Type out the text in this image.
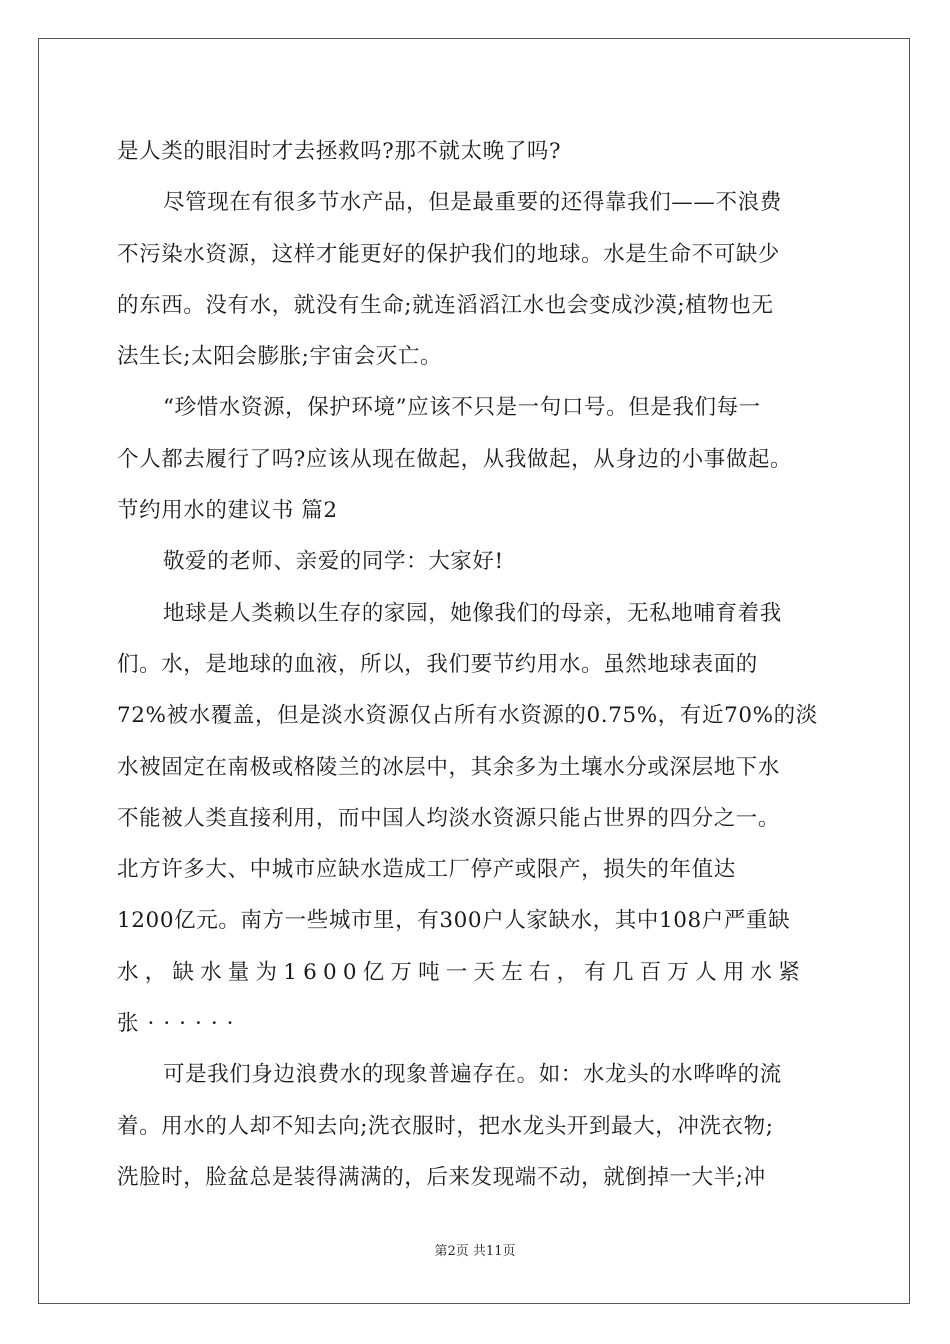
是人类的眼泪时才去拯救吗?那不就太晚了吗?
尽管现在有很多节水产品，但是最重要的还得靠我们——不浪费
不污染水资源，这样才能更好的保护我们的地球。水是生命不可缺少
的东西。没有水，就没有生命;就连滔滔江水也会变成沙漠;植物也无
法生长;太阳会膨胀;宇宙会灭亡。
“珍惜水资源，保护环境”应该不只是一句口号。但是我们每一
个人都去履行了吗?应该从现在做起，从我做起，从身边的小事做起。
节约用水的建议书 篇2
敬爱的老师、亲爱的同学：大家好!
地球是人类赖以生存的家园，她像我们的母亲，无私地哺育着我
们。水，是地球的血液，所以，我们要节约用水。虽然地球表面的
72%被水覆盖，但是淡水资源仅占所有水资源的0.75%，有近70%的淡
水被固定在南极或格陵兰的冰层中，其余多为土壤水分或深层地下水
不能被人类直接利用，而中国人均淡水资源只能占世界的四分之一。
北方许多大、中城市应缺水造成工厂停产或限产，损失的年值达
1200亿元。南方一些城市里，有300户人家缺水，其中108户严重缺
水，缺水量为1600亿万吨一天左右，有几百万人用水紧
张······
可是我们身边浪费水的现象普遍存在。如：水龙头的水哗哗的流
着。用水的人却不知去向;洗衣服时，把水龙头开到最大，冲洗衣物;
洗脸时，脸盆总是装得满满的，后来发现端不动，就倒掉一大半;冲
第2页 共11页
